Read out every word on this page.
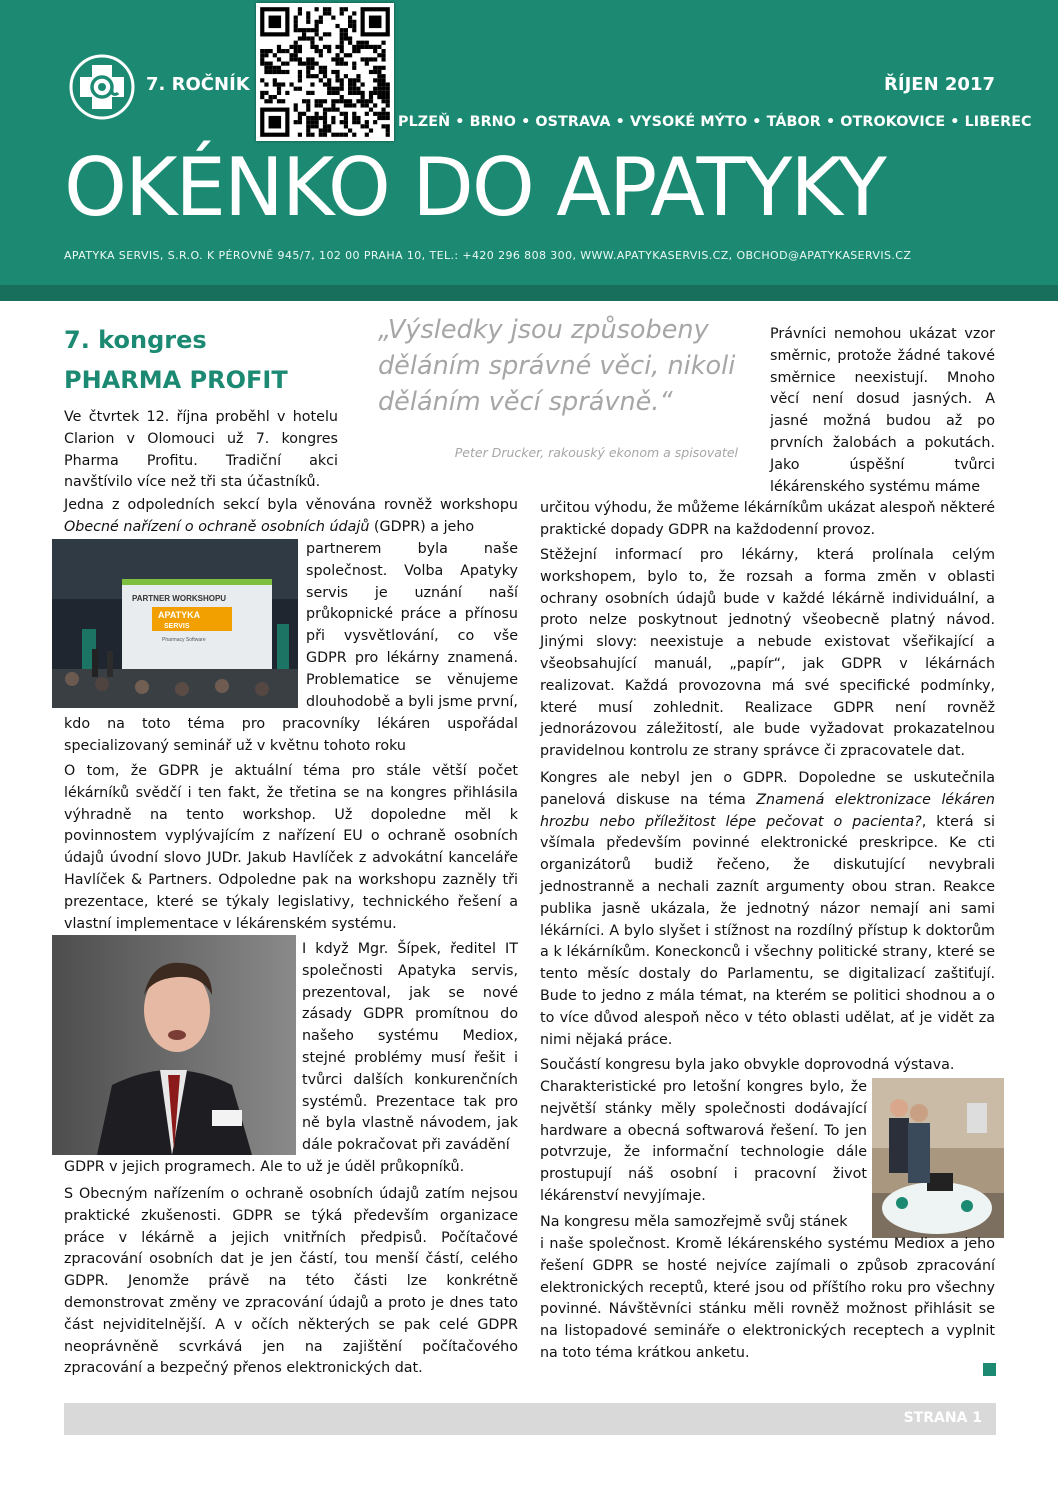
7. ROČNÍK	ŘÍJEN 2017
PLZEŇ • BRNO • OSTRAVA • VYSOKÉ MÝTO • TÁBOR • OTROKOVICE • LIBEREC
OKÉNKO DO APATYKY
APATYKA SERVIS, S.R.O. K PÉROVNĚ 945/7, 102 00 PRAHA 10, TEL.: +420 296 808 300, WWW.APATYKASERVIS.CZ, OBCHOD@APATYKASERVIS.CZ
7. kongres
PHARMA PROFIT
„Výsledky jsou způsobeny děláním správné věci, nikoli děláním věcí správně.“
Peter Drucker, rakouský ekonom a spisovatel
Ve čtvrtek 12. října proběhl v hotelu Clarion v Olomouci už 7. kongres Pharma Profitu. Tradiční akci navštívilo více než tři sta účastníků.
Jedna z odpoledních sekcí byla věnována rovněž workshopu Obecné nařízení o ochraně osobních údajů (GDPR) a jeho
PARTNER WORKSHOPU
APATYKA
SERVIS
Pharmacy Software
partnerem byla naše společnost. Volba Apatyky servis je uznání naší průkopnické práce a přínosu při vysvětlování, co vše GDPR pro lékárny znamená. Problematice se věnujeme dlouhodobě a byli jsme první,
kdo na toto téma pro pracovníky lékáren uspořádal specializovaný seminář už v květnu tohoto roku
O tom, že GDPR je aktuální téma pro stále větší počet lékárníků svědčí i ten fakt, že třetina se na kongres přihlásila výhradně na tento workshop. Už dopoledne měl k povinnostem vyplývajícím z nařízení EU o ochraně osobních údajů úvodní slovo JUDr. Jakub Havlíček z advokátní kanceláře Havlíček & Partners. Odpoledne pak na workshopu zazněly tři prezentace, které se týkaly legislativy, technického řešení a vlastní implementace v lékárenském systému.
I když Mgr. Šípek, ředitel IT společnosti Apatyka servis, prezentoval, jak se nové zásady GDPR promítnou do našeho systému Mediox, stejné problémy musí řešit i tvůrci dalších konkurenčních systémů. Prezentace tak pro ně byla vlastně návodem, jak dále pokračovat při zavádění
GDPR v jejich programech. Ale to už je úděl průkopníků.
S Obecným nařízením o ochraně osobních údajů zatím nejsou praktické zkušenosti. GDPR se týká především organizace práce v lékárně a jejich vnitřních předpisů. Počítačové zpracování osobních dat je jen částí, tou menší částí, celého GDPR. Jenomže právě na této části lze konkrétně demonstrovat změny ve zpracování údajů a proto je dnes tato část nejviditelnější. A v očích některých se pak celé GDPR neoprávněně scvrkává jen na zajištění počítačového zpracování a bezpečný přenos elektronických dat.
Právníci nemohou ukázat vzor směrnic, protože žádné takové směrnice neexistují. Mnoho věcí není dosud jasných. A jasné možná budou až po prvních žalobách a pokutách. Jako úspěšní tvůrci lékárenského systému máme
určitou výhodu, že můžeme lékárníkům ukázat alespoň některé praktické dopady GDPR na každodenní provoz.
Stěžejní informací pro lékárny, která prolínala celým workshopem, bylo to, že rozsah a forma změn v oblasti ochrany osobních údajů bude v každé lékárně individuální, a proto nelze poskytnout jednotný všeobecně platný návod. Jinými slovy: neexistuje a nebude existovat všeřikající a všeobsahující manuál, „papír“, jak GDPR v lékárnách realizovat. Každá provozovna má své specifické podmínky, které musí zohlednit. Realizace GDPR není rovněž jednorázovou záležitostí, ale bude vyžadovat prokazatelnou pravidelnou kontrolu ze strany správce či zpracovatele dat.
Kongres ale nebyl jen o GDPR. Dopoledne se uskutečnila panelová diskuse na téma Znamená elektronizace lékáren hrozbu nebo příležitost lépe pečovat o pacienta?, která si všímala především povinné elektronické preskripce. Ke cti organizátorů budiž řečeno, že diskutující nevybrali jednostranně a nechali zaznít argumenty obou stran. Reakce publika jasně ukázala, že jednotný názor nemají ani sami lékárníci. A bylo slyšet i stížnost na rozdílný přístup k doktorům a k lékárníkům. Koneckonců i všechny politické strany, které se tento měsíc dostaly do Parlamentu, se digitalizací zaštiťují. Bude to jedno z mála témat, na kterém se politici shodnou a o to více důvod alespoň něco v této oblasti udělat, ať je vidět za nimi nějaká práce.
Součástí kongresu byla jako obvykle doprovodná výstava.
Charakteristické pro letošní kongres bylo, že největší stánky měly společnosti dodávající hardware a obecná softwarová řešení. To jen potvrzuje, že informační technologie dále prostupují náš osobní i pracovní život lékárenství nevyjímaje.
Na kongresu měla samozřejmě svůj stánek
i naše společnost. Kromě lékárenského systému Mediox a jeho řešení GDPR se hosté nejvíce zajímali o způsob zpracování elektronických receptů, které jsou od příštího roku pro všechny povinné. Návštěvníci stánku měli rovněž možnost přihlásit se na listopadové semináře o elektronických receptech a vyplnit na toto téma krátkou anketu.
STRANA 1
